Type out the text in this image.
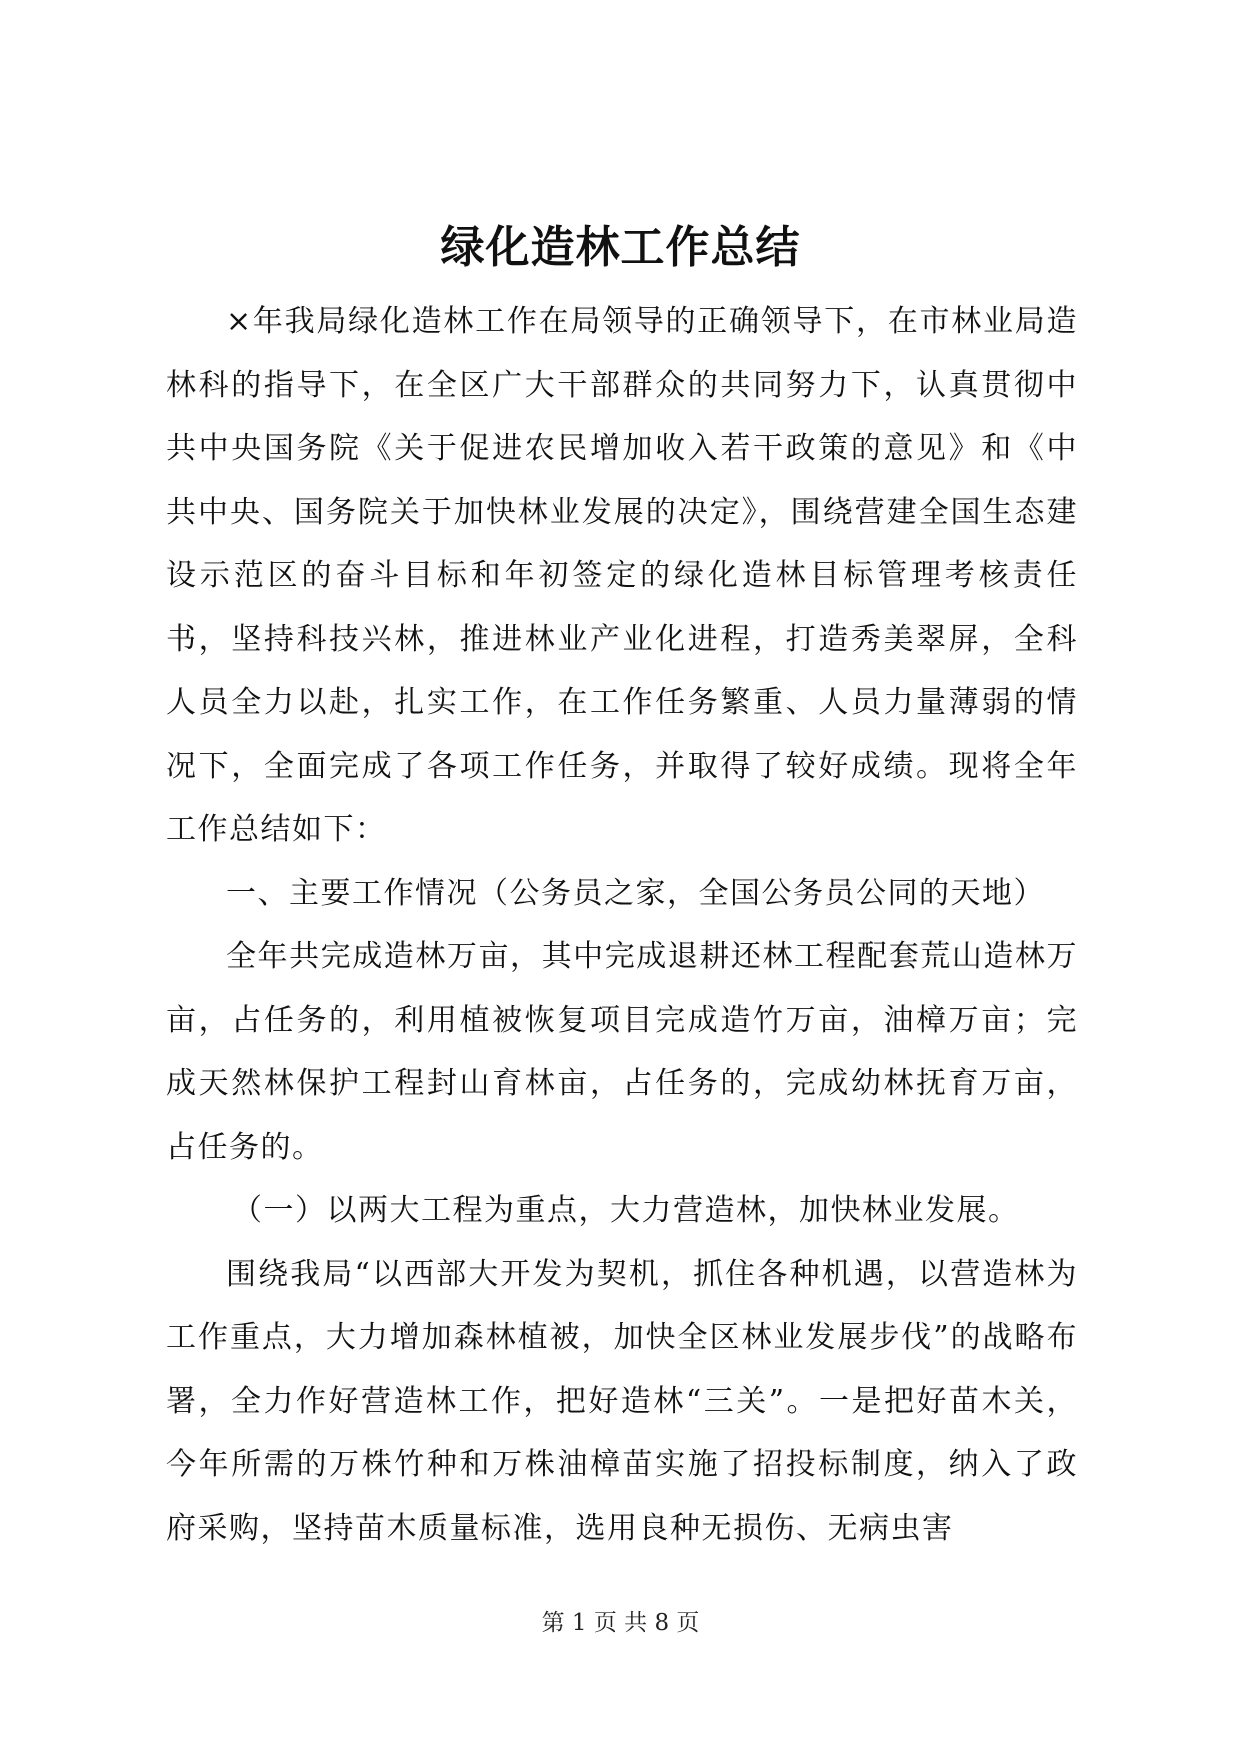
绿化造林工作总结

×年我局绿化造林工作在局领导的正确领导下，在市林业局造林科的指导下，在全区广大干部群众的共同努力下，认真贯彻中共中央国务院《关于促进农民增加收入若干政策的意见》和《中共中央、国务院关于加快林业发展的决定》，围绕营建全国生态建设示范区的奋斗目标和年初签定的绿化造林目标管理考核责任书，坚持科技兴林，推进林业产业化进程，打造秀美翠屏，全科人员全力以赴，扎实工作，在工作任务繁重、人员力量薄弱的情况下，全面完成了各项工作任务，并取得了较好成绩。现将全年工作总结如下：

一、主要工作情况（公务员之家，全国公务员公同的天地）

全年共完成造林万亩，其中完成退耕还林工程配套荒山造林万亩，占任务的，利用植被恢复项目完成造竹万亩，油樟万亩；完成天然林保护工程封山育林亩，占任务的，完成幼林抚育万亩，占任务的。

（一）以两大工程为重点，大力营造林，加快林业发展。

围绕我局“以西部大开发为契机，抓住各种机遇，以营造林为工作重点，大力增加森林植被，加快全区林业发展步伐”的战略布署，全力作好营造林工作，把好造林“三关”。一是把好苗木关，今年所需的万株竹种和万株油樟苗实施了招投标制度，纳入了政府采购，坚持苗木质量标准，选用良种无损伤、无病虫害

第 1 页 共 8 页
